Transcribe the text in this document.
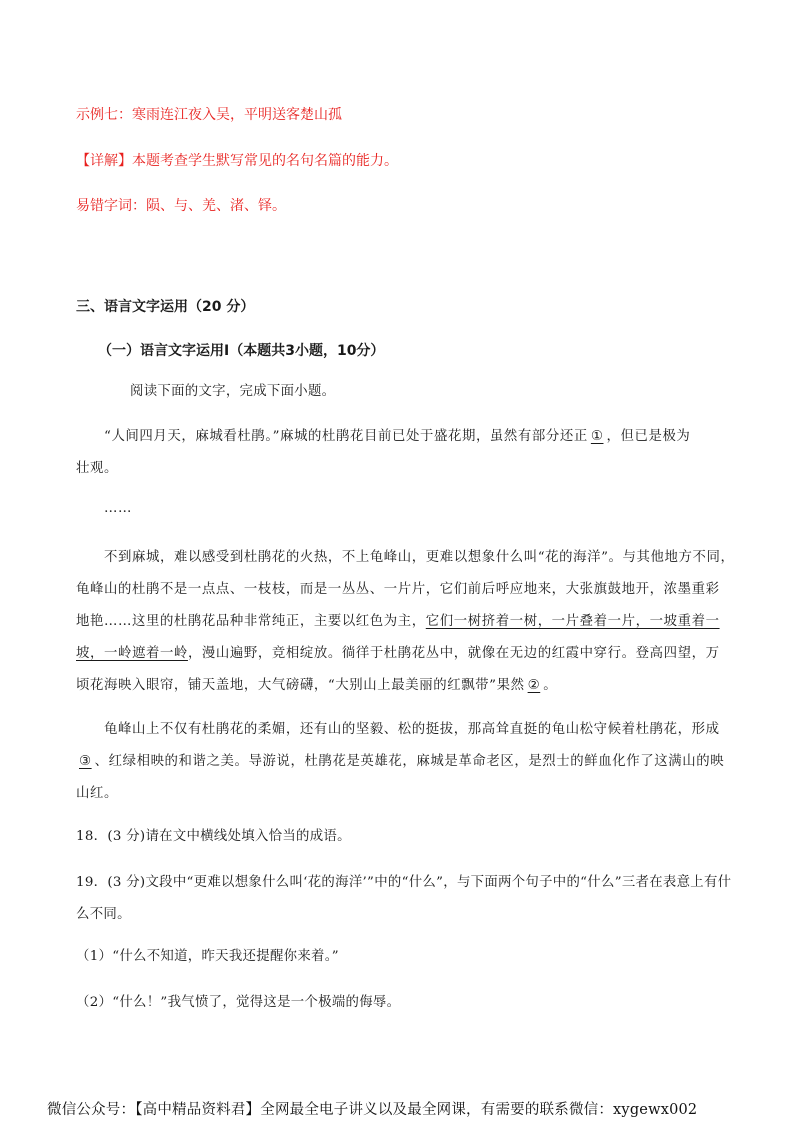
示例七：寒雨连江夜入吴，平明送客楚山孤
【详解】本题考查学生默写常见的名句名篇的能力。
易错字词：陨、与、羌、渚、铎。
三、语言文字运用（20 分）
（一）语言文字运用Ⅰ（本题共3小题，10分）
阅读下面的文字，完成下面小题。
“人间四月天，麻城看杜鹃。”麻城的杜鹃花目前已处于盛花期，虽然有部分还正 ① ，但已是极为
壮观。
……
不到麻城，难以感受到杜鹃花的火热，不上龟峰山，更难以想象什么叫“花的海洋”。与其他地方不同，
龟峰山的杜鹃不是一点点、一枝枝，而是一丛丛、一片片，它们前后呼应地来，大张旗鼓地开，浓墨重彩
地艳……这里的杜鹃花品种非常纯正，主要以红色为主，它们一树挤着一树，一片叠着一片，一坡重着一
坡，一岭遮着一岭，漫山遍野，竞相绽放。徜徉于杜鹃花丛中，就像在无边的红霞中穿行。登高四望，万
顷花海映入眼帘，铺天盖地，大气磅礴，“大别山上最美丽的红飘带”果然 ② 。
龟峰山上不仅有杜鹃花的柔媚，还有山的坚毅、松的挺拔，那高耸直挺的龟山松守候着杜鹃花，形成
③ 、红绿相映的和谐之美。导游说，杜鹃花是英雄花，麻城是革命老区，是烈士的鲜血化作了这满山的映
山红。
18．(3 分)请在文中横线处填入恰当的成语。
19．(3 分)文段中“更难以想象什么叫‘花的海洋’”中的“什么”，与下面两个句子中的“什么”三者在表意上有什
么不同。
（1）“什么不知道，昨天我还提醒你来着。”
（2）“什么！”我气愤了，觉得这是一个极端的侮辱。
微信公众号：【高中精品资料君】全网最全电子讲义以及最全网课，有需要的联系微信：xygewx002
